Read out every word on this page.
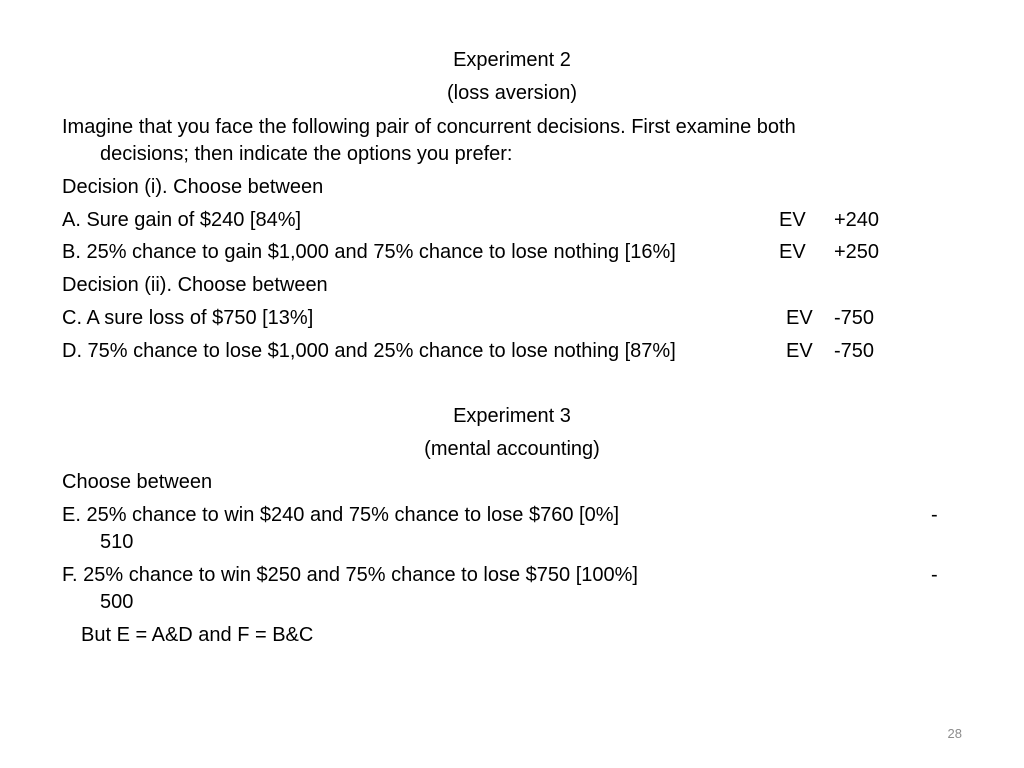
Experiment 2
(loss aversion)
Imagine that you face the following pair of concurrent decisions. First examine both
decisions; then indicate the options you prefer:
Decision (i). Choose between
A. Sure gain of $240 [84%]	EV +240
B. 25% chance to gain $1,000 and 75% chance to lose nothing [16%]	EV +250
Decision (ii). Choose between
C. A sure loss of $750 [13%]	EV -750
D. 75% chance to lose $1,000 and 25% chance to lose nothing [87%]	EV -750
Experiment 3
(mental accounting)
Choose between
E. 25% chance to win $240 and 75% chance to lose $760 [0%]	-
510
F. 25% chance to win $250 and 75% chance to lose $750 [100%]	-
500
But E = A&D and F = B&C
28
